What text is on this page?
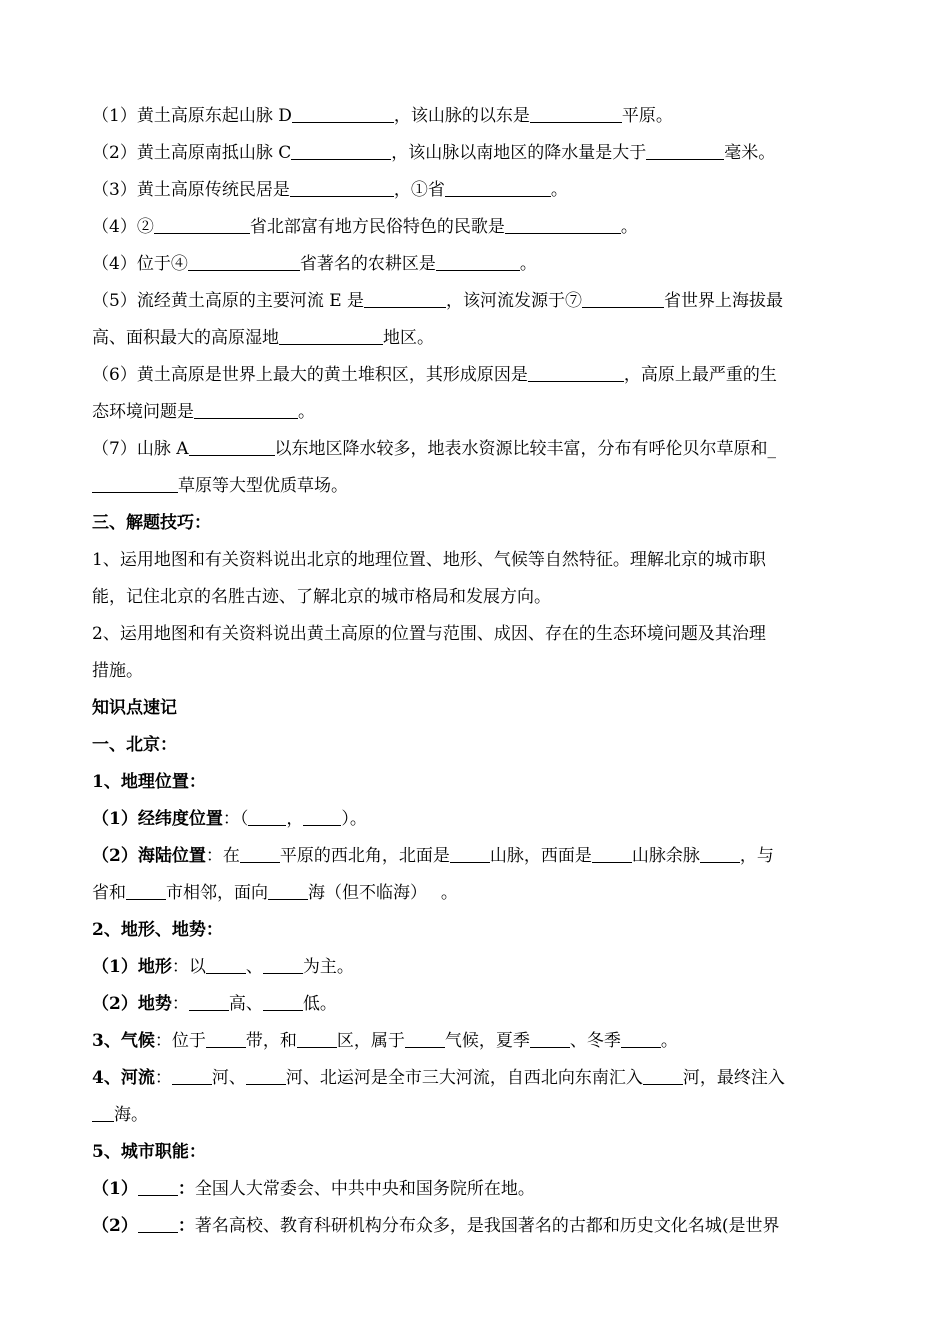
（1）黄土高原东起山脉 D	，该山脉的以东是	平原。
（2）黄土高原南抵山脉 C	，该山脉以南地区的降水量是大于	毫米。
（3）黄土高原传统民居是	，①省	。
（4）②	省北部富有地方民俗特色的民歌是	。
（4）位于④	省著名的农耕区是	。
（5）流经黄土高原的主要河流 E 是	，该河流发源于⑦	省世界上海拔最
高、面积最大的高原湿地	地区。
（6）黄土高原是世界上最大的黄土堆积区，其形成原因是	，高原上最严重的生
态环境问题是	。
（7）山脉 A	以东地区降水较多，地表水资源比较丰富，分布有呼伦贝尔草原和_
草原等大型优质草场。
三、解题技巧：
1、运用地图和有关资料说出北京的地理位置、地形、气候等自然特征。理解北京的城市职
能，记住北京的名胜古迹、了解北京的城市格局和发展方向。
2、运用地图和有关资料说出黄土高原的位置与范围、成因、存在的生态环境问题及其治理
措施。
知识点速记
一、北京：
1、地理位置：
（1）经纬度位置：（ ， ）。
（2）海陆位置：在 平原的西北角，北面是 山脉，西面是 山脉余脉 ，与
省和 市相邻，面向 海（但不临海）　 。
2、地形、地势：
（1）地形：以 、 为主。
（2）地势： 高、 低。
3、气候：位于 带，和 区，属于 气候，夏季 、冬季 。
4、河流： 河、 河、北运河是全市三大河流，自西北向东南汇入 河，最终注入
海。
5、城市职能：
（1） ：全国人大常委会、中共中央和国务院所在地。
（2） ：著名高校、教育科研机构分布众多，是我国著名的古都和历史文化名城(是世界
